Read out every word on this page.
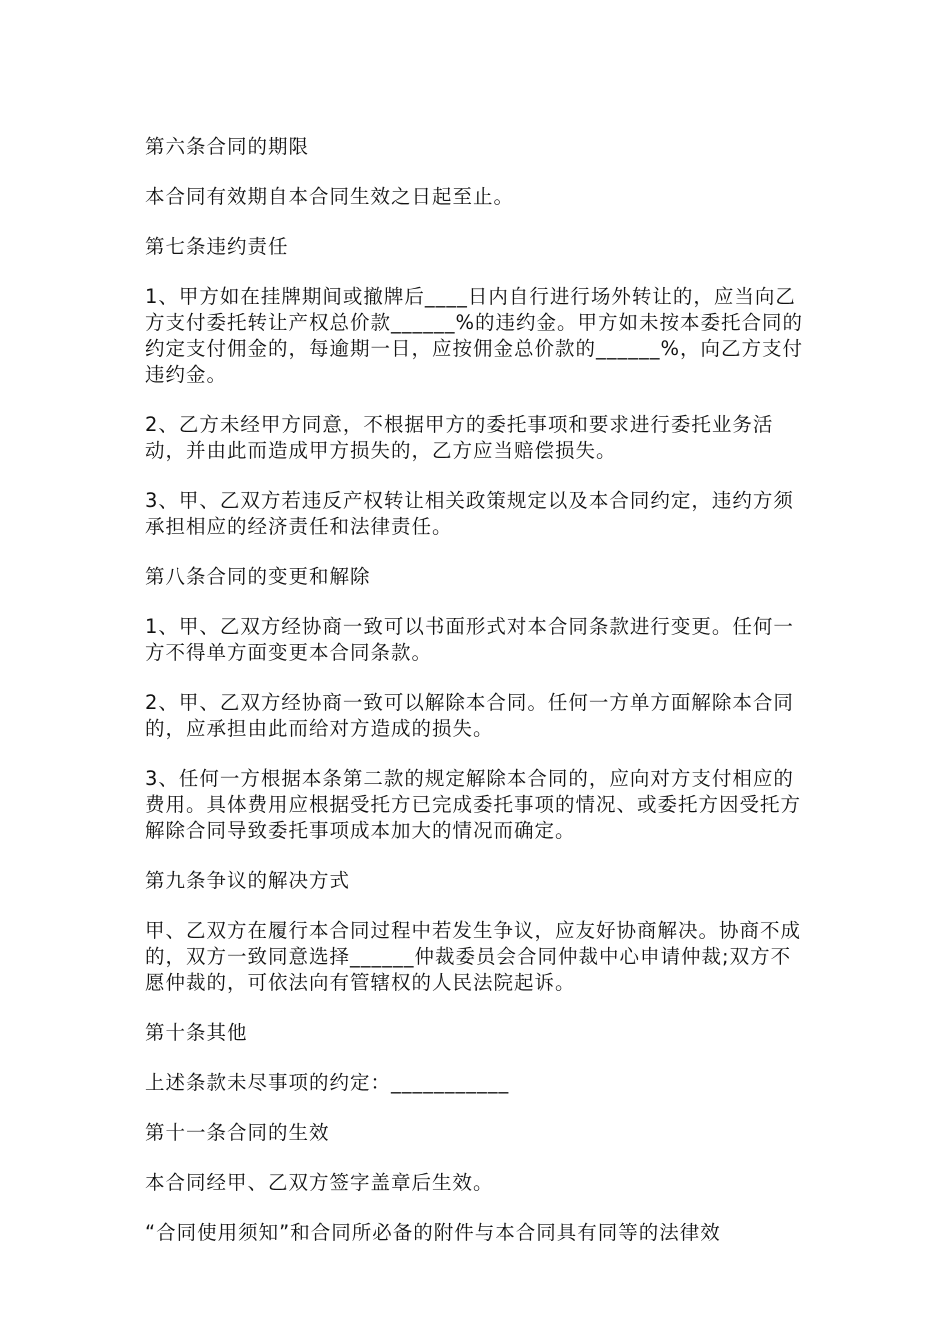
第六条合同的期限
本合同有效期自本合同生效之日起至止。
第七条违约责任
1、甲方如在挂牌期间或撤牌后____日内自行进行场外转让的，应当向乙方支付委托转让产权总价款______%的违约金。甲方如未按本委托合同的约定支付佣金的，每逾期一日，应按佣金总价款的______%，向乙方支付违约金。
2、乙方未经甲方同意，不根据甲方的委托事项和要求进行委托业务活动，并由此而造成甲方损失的，乙方应当赔偿损失。
3、甲、乙双方若违反产权转让相关政策规定以及本合同约定，违约方须承担相应的经济责任和法律责任。
第八条合同的变更和解除
1、甲、乙双方经协商一致可以书面形式对本合同条款进行变更。任何一方不得单方面变更本合同条款。
2、甲、乙双方经协商一致可以解除本合同。任何一方单方面解除本合同的，应承担由此而给对方造成的损失。
3、任何一方根据本条第二款的规定解除本合同的，应向对方支付相应的费用。具体费用应根据受托方已完成委托事项的情况、或委托方因受托方解除合同导致委托事项成本加大的情况而确定。
第九条争议的解决方式
甲、乙双方在履行本合同过程中若发生争议，应友好协商解决。协商不成的，双方一致同意选择______仲裁委员会合同仲裁中心申请仲裁;双方不愿仲裁的，可依法向有管辖权的人民法院起诉。
第十条其他
上述条款未尽事项的约定：___________
第十一条合同的生效
本合同经甲、乙双方签字盖章后生效。
“合同使用须知”和合同所必备的附件与本合同具有同等的法律效
